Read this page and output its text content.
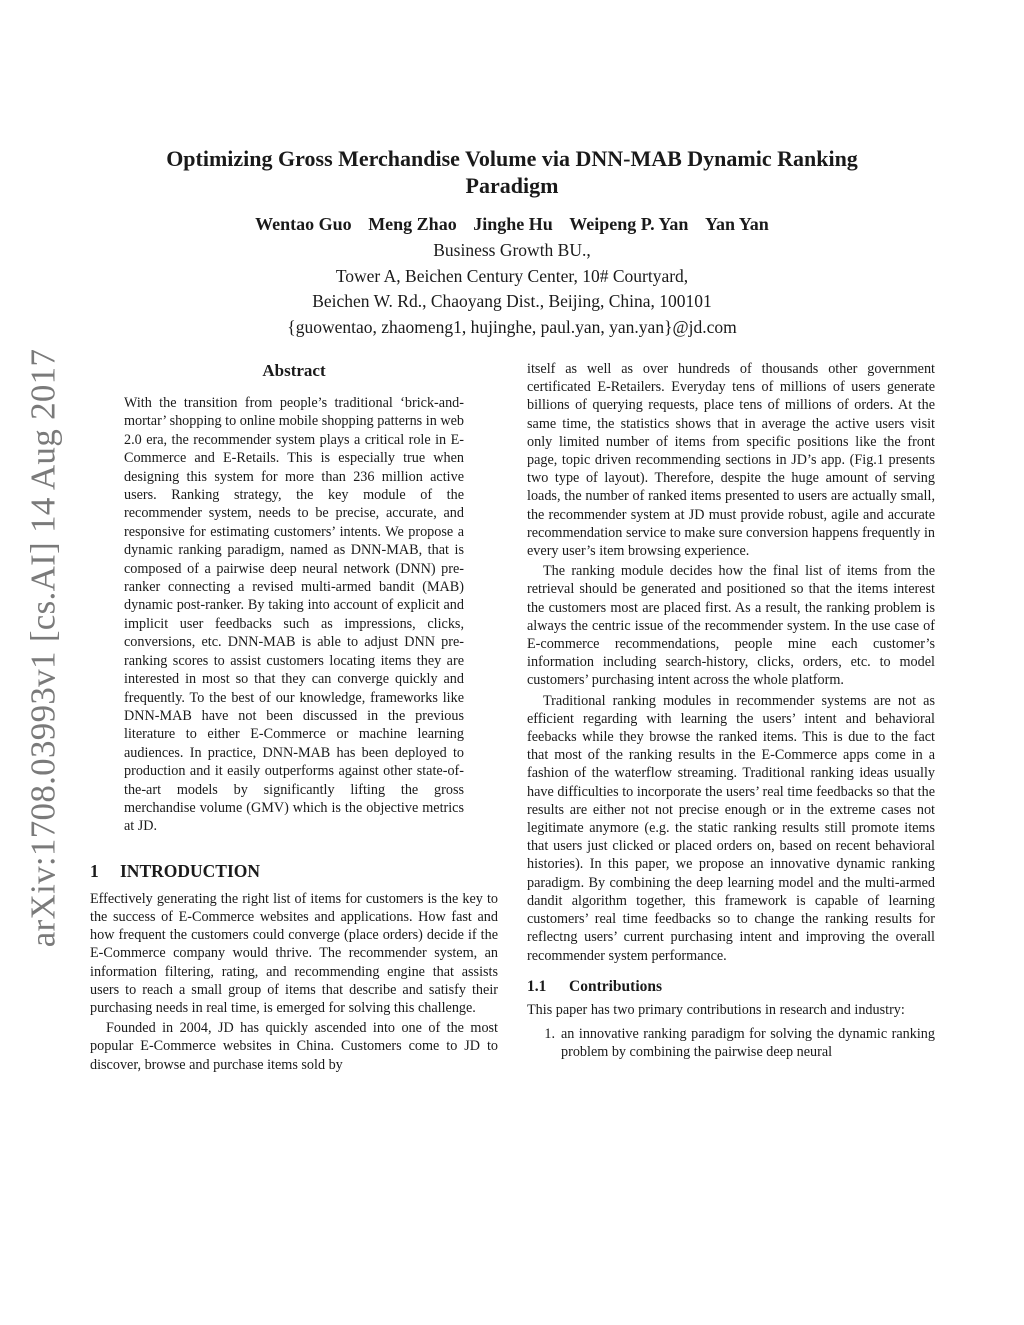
arXiv:1708.03993v1 [cs.AI] 14 Aug 2017
Optimizing Gross Merchandise Volume via DNN-MAB Dynamic Ranking Paradigm
Wentao Guo Meng Zhao Jinghe Hu Weipeng P. Yan Yan Yan
Business Growth BU.,
Tower A, Beichen Century Center, 10# Courtyard,
Beichen W. Rd., Chaoyang Dist., Beijing, China, 100101
{guowentao, zhaomeng1, hujinghe, paul.yan, yan.yan}@jd.com
Abstract

With the transition from people’s traditional ‘brick-and-mortar’ shopping to online mobile shopping patterns in web 2.0 era, the recommender system plays a critical role in E-Commerce and E-Retails. This is especially true when designing this system for more than 236 million active users. Ranking strategy, the key module of the recommender system, needs to be precise, accurate, and responsive for estimating customers’ intents. We propose a dynamic ranking paradigm, named as DNN-MAB, that is composed of a pairwise deep neural network (DNN) pre-ranker connecting a revised multi-armed bandit (MAB) dynamic post-ranker. By taking into account of explicit and implicit user feedbacks such as impressions, clicks, conversions, etc. DNN-MAB is able to adjust DNN pre-ranking scores to assist customers locating items they are interested in most so that they can converge quickly and frequently. To the best of our knowledge, frameworks like DNN-MAB have not been discussed in the previous literature to either E-Commerce or machine learning audiences. In practice, DNN-MAB has been deployed to production and it easily outperforms against other state-of-the-art models by significantly lifting the gross merchandise volume (GMV) which is the objective metrics at JD.

1 INTRODUCTION

Effectively generating the right list of items for customers is the key to the success of E-Commerce websites and applications. How fast and how frequent the customers could converge (place orders) decide if the E-Commerce company would thrive. The recommender system, an information filtering, rating, and recommending engine that assists users to reach a small group of items that describe and satisfy their purchasing needs in real time, is emerged for solving this challenge.

Founded in 2004, JD has quickly ascended into one of the most popular E-Commerce websites in China. Customers come to JD to discover, browse and purchase items sold by

itself as well as over hundreds of thousands other government certificated E-Retailers. Everyday tens of millions of users generate billions of querying requests, place tens of millions of orders. At the same time, the statistics shows that in average the active users visit only limited number of items from specific positions like the front page, topic driven recommending sections in JD’s app. (Fig.1 presents two type of layout). Therefore, despite the huge amount of serving loads, the number of ranked items presented to users are actually small, the recommender system at JD must provide robust, agile and accurate recommendation service to make sure conversion happens frequently in every user’s item browsing experience.

The ranking module decides how the final list of items from the retrieval should be generated and positioned so that the items interest the customers most are placed first. As a result, the ranking problem is always the centric issue of the recommender system. In the use case of E-commerce recommendations, people mine each customer’s information including search-history, clicks, orders, etc. to model customers’ purchasing intent across the whole platform.

Traditional ranking modules in recommender systems are not as efficient regarding with learning the users’ intent and behavioral feebacks while they browse the ranked items. This is due to the fact that most of the ranking results in the E-Commerce apps come in a fashion of the waterflow streaming. Traditional ranking ideas usually have difficulties to incorporate the users’ real time feedbacks so that the results are either not not precise enough or in the extreme cases not legitimate anymore (e.g. the static ranking results still promote items that users just clicked or placed orders on, based on recent behavioral histories). In this paper, we propose an innovative dynamic ranking paradigm. By combining the deep learning model and the multi-armed dandit algorithm together, this framework is capable of learning customers’ real time feedbacks so to change the ranking results for reflectng users’ current purchasing intent and improving the overall recommender system performance.

1.1 Contributions

This paper has two primary contributions in research and industry:

1. an innovative ranking paradigm for solving the dynamic ranking problem by combining the pairwise deep neural
